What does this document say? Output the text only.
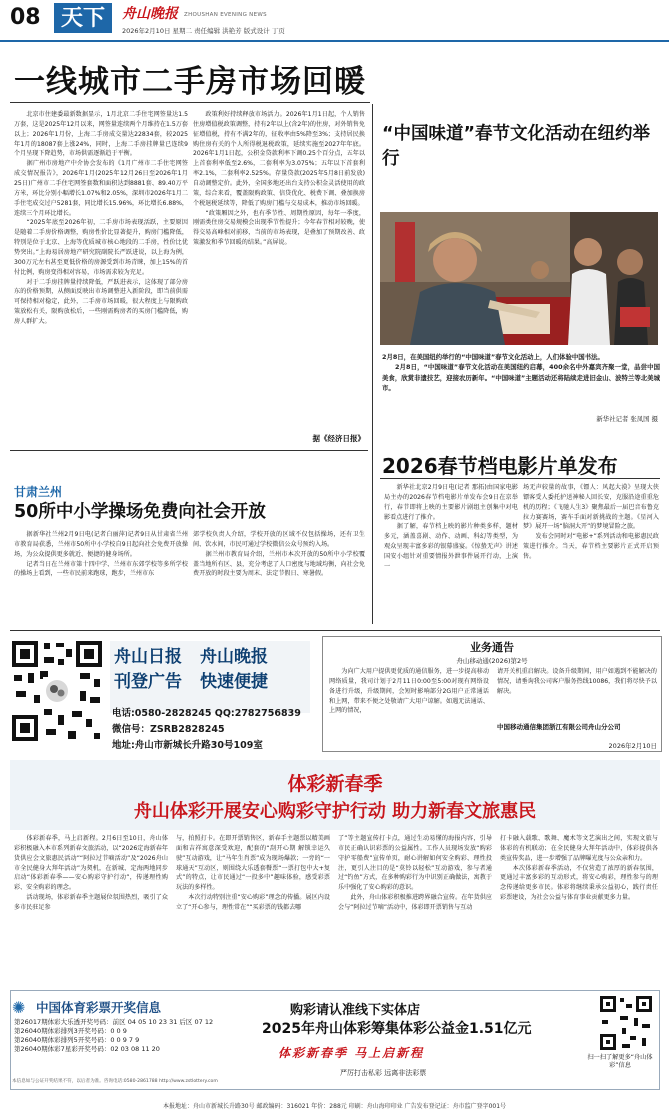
08 天下	舟山晚报 ZHOUSHAN EVENING NEWS
2026年2月10日 星期二 责任编辑 洪艳芳 版式设计 丁页
一线城市二手房市场回暖

　　北京市住建委最新数据显示，1月北京二手住宅网签量达1.5万套，这是2025年12月以来，网签量连续两个月维持在1.5万套以上；2026年1月份，上海二手房成交量达22834套，较2025年1月的18087套上涨24%，同时，上海二手房挂牌量已连续9个月呈现下降趋势，市场供需逐渐趋于平衡。

　　据广州市房地产中介协会发布的《1月广州市二手住宅网签成交情况报告》，2026年1月(2025年12月26日至2026年1月25日)广州市二手住宅网签套数和面积达到8881套、89.40万平方米，环比分别小幅增长1.07%和2.05%，深圳市2026年1月二手住宅成交过户5281套，同比增长15.96%，环比增长6.88%，连续三个月环比增长。

　　“2025年底至2026年初，二手房市场表现活跃，主要原因是随着二手房价格调整，购房性价比显著提升，购房门槛降低，特别是位于北京、上海等优质城市核心地段的二手房，性价比优势突出。”上海易居房地产研究院副院长严跃进说，以上海为例，300万元左右甚至更低价格的房源受到市场青睐，加上15%的首付比例，购房变得相对容易，市场需求较为充足。

　　对于二手房挂牌量持续降低，严跃进表示，这体现了部分房东的价格预期，从侧面反映出市场调整进入新阶段，即当前供需可保持相对稳定，此外，二手房市场回暖，很大程度上与限购政策放松有关，限购放松后，一些刚需购房者的买房门槛降低，购房人群扩大。

　　政策利好持续释放市场活力。2026年1月1日起，个人销售住房增值税政策调整，持有2年以上(含2年)的住房，对外销售免征增值税，持有不满2年的，征收率由5%降至3%；支持居民换购住房有关的个人所得税退税政策，延续实施至2027年年底。2026年1月1日起，公积金贷款利率下调0.25个百分点，五年以上首套利率低至2.6%，二套利率为3.075%；五年以下首套利率2.1%，二套利率2.525%。存量贷款(2025年5月8日前发放)自动调整定价。此外，全国多地还出台支持公积金灵活使用的政策，综合来看，覆盖限购政策、信贷优化、税费下调、叠加换房个税退税延续等，降低了购房门槛与交易成本，推动市场回暖。

　　“政策厢因之外，也有季节性、周期性原因，每年一季度，刚需类住房交易规模会出现季节性提升；今年春节相对较晚，使得交易高峰相对前移，当前的市场表现，是叠加了预期改善、政策激发和季节回暖的结果。”高屏说。

据《经济日报》
“中国味道”春节文化活动在纽约举行

2月8日，在美国纽约举行的“中国味道”春节文化活动上，人们体验中国书法。

　　2月8日，“中国味道”春节文化活动在美国纽约启幕，400余名中外嘉宾齐聚一堂，品尝中国美食，欣赏非遗技艺，迎接农历新年。“中国味道”主题活动还将陆续走进旧金山、波特兰等北美城市。

新华社记者 张凤国 摄
2026春节档电影片单发布

　　新华社北京2月9日电(记者 那拓)由国家电影局主办的2026春节档电影片单发布会9日在京举行，春节即将上映的主要影片剧组主创集中对电影看点进行了推介。

　　据了解，春节档上映的影片种类多样，题材多元，涵盖喜剧、动作、动画、科幻等类型，为观众呈现丰富多彩的银幕盛宴。《惊蛰无声》讲述国安小组针对重要情报外泄事件展开行动，上演一

场无声较量的故事，《镖人：风起大漠》呈现大侠镖客受人委托护送神秘人回长安，克服沿途重重危机的历程；《飞驰人生3》聚焦最后一届巴音布鲁克拉力赛赛场，赛车手面对新挑战的主题。《星河入梦》展开一场“脑洞大开”的梦境冒险之旅。

　　发布会同时对“电影+”系列活动和电影惠民政策进行推介。当天，春节档主要影片正式开启预售。

甘肃兰州
50所中小学操场免费向社会开放

　　据新华社兰州2月9日电(记者白丽萍)记者9日从甘肃省兰州市教育局获悉，兰州市50所中小学校自9日起向社会免费开放操场，为公众提供更多就近、便捷的健身场所。

　　记者当日在兰州市第十四中学、兰州市东郊学校等多所学校的操场上看到，一些市民前来跑球，跑步，兰州市东

郊学校负责人介绍，学校开放的区域不仅包括操场，还有卫生间、饮水间，市民可通过学校微信公众号预约入场。

　　据兰州市教育局介绍，兰州市本次开放的50所中小学校覆盖当地所有区、县，充分考虑了人口密度与地域均衡，向社会免费开放的时段主要为周末、法定节假日、寒暑假。

舟山日报 舟山晚报
刊登广告 快速便捷
电话:0580-2828245 QQ:2782756839
微信号：ZSRB2828245
地址:舟山市新城长升路30号109室
业务通告
舟山移动通(2026)第2号
　　为向广大用户提供更优质的通信服务，进一步提高移动网络质量，我司计划于2月11日0:00至5:00对现有网络设备进行升级，升级期间，会短时影响部分2G用户正常通话和上网，带来不便之处敬请广大用户谅解。如遇无法通话、上网的情况，
请开关机重启解决。设备升级期间，用户如遇到不能解决的情况，请垂询我公司客户服务热线10086，我们将尽快予以解决。
中国移动通信集团浙江有限公司舟山分公司
2026年2月10日
体彩新春季
舟山体彩开展安心购彩守护行动 助力新春文旅惠民

　　体彩新春季，马上启新程。2月6日至10日，舟山体彩积极融入本市系列新春文旅活动，以“2026定海新春年货供应会文旅惠民活动”“阿拉过节嘀活动”及“2026舟山市全民健身大拜年活动”为契机，在新城、定海两地同步启动“体彩新春季——安心购彩守护行动”，传递理性购彩、安全购彩的理念。

　　活动现场，体彩新春季主题展位氛围热烈，吸引了众多市民驻足参

与，拍照打卡。在即开票销售区，新春手主题票以精美画面和吉祥寓意深受欢迎，配套的“刮开心期 解锁幸运久驶”互动游戏，让“马年生肖票”成为现场爆款；一旁的“一球通天”互动区，则围绕大乐透套餐票“一票打包中大+复式”的特点，让市民通过“一投多中”趣味体验，感受彩票玩法的多样性。

　　本次行动特别注重“安心购彩”理念的传播。展区内设立了“开心参与，理性常在”“买彩票的钱都去哪

了”等主题宣传打卡点，通过生动易懂的海报内容，引导市民正确认识彩票的公益属性。工作人员现场发放“购彩守护零船费”宣传单页，耐心讲解如何安全购彩、理性投注，更引人注目的是“莫铃以轻松”互动游戏，参与者通过“钓鱼”方式，在多种购彩行为中识别正确做法，寓教于乐中强化了安心购彩的意识。

　　此外，舟山体彩积极推进跨界融合宣传。在年货供应会与“阿拉过节嘀”活动中，体彩即开票销售与互动

打卡融入载歌、歌舞、魔术等文艺演出之间，实现文旅与体彩的有机联动；在全民健身大拜年活动中，体彩提供各类宣传奖品，进一步增强了品牌曝光度与公众亲和力。

　　本次体彩新春季活动，不仅营造了浓厚的新春氛围，更通过丰富多彩的互动形式，将安心购彩，理性参与的理念传递给更多市民。体彩将继续秉承公益初心，践行责任彩票建设，为社会公益与体育事业贡献更多力量。

✺ 中国体育彩票开奖信息
第26017期体彩大乐透开奖号码：前区 04 05 10 23 31 后区 07 12
第26040期体彩排列3开奖号码：0 0 9
第26040期体彩排列5开奖号码：0 0 9 7 9
第26040期体彩7星彩开奖号码：02 03 08 11 20
本信息如与公证开奖结果不符，以后者为准。咨询电话:0580-2861788 http://www.zstlottery.com
购彩请认准线下实体店
2025年舟山体彩筹集体彩公益金1.51亿元
体彩新春季 马上启新程
严厉打击私彩 远离非法彩票
扫一扫了解更多“舟山体彩”信息
本报地址：舟山市新城长升路30号 邮政编码：316021 年价：288元 印刷：舟山海印印业 广告发布登记证：舟市监广登字001号
